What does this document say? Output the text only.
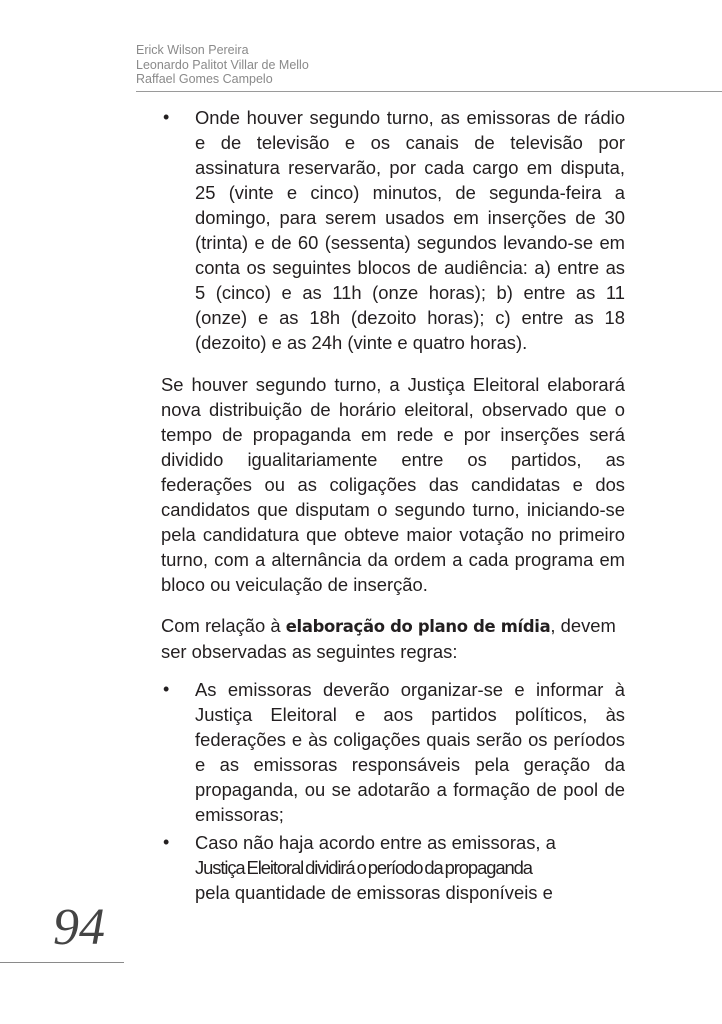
Erick Wilson Pereira
Leonardo Palitot Villar de Mello
Raffael Gomes Campelo
• Onde houver segundo turno, as emissoras de rádio e de televisão e os canais de televisão por assinatura reservarão, por cada cargo em disputa, 25 (vinte e cinco) minutos, de segunda-feira a domingo, para serem usados em inserções de 30 (trinta) e de 60 (sessenta) segundos levando-se em conta os seguintes blocos de audiência: a) entre as 5 (cinco) e as 11h (onze horas); b) entre as 11 (onze) e as 18h (dezoito horas); c) entre as 18 (dezoito) e as 24h (vinte e quatro horas).

Se houver segundo turno, a Justiça Eleitoral elaborará nova distribuição de horário eleitoral, observado que o tempo de propaganda em rede e por inserções será dividido igualitariamente entre os partidos, as federações ou as coligações das candidatas e dos candidatos que disputam o segundo turno, iniciando-se pela candidatura que obteve maior votação no primeiro turno, com a alternância da ordem a cada programa em bloco ou veiculação de inserção.

Com relação à elaboração do plano de mídia, devem ser observadas as seguintes regras:

• As emissoras deverão organizar-se e informar à Justiça Eleitoral e aos partidos políticos, às federações e às coligações quais serão os períodos e as emissoras responsáveis pela geração da propaganda, ou se adotarão a formação de pool de emissoras;
• Caso não haja acordo entre as emissoras, a
Justiça Eleitoral dividirá o período da propaganda
pela quantidade de emissoras disponíveis e
94
